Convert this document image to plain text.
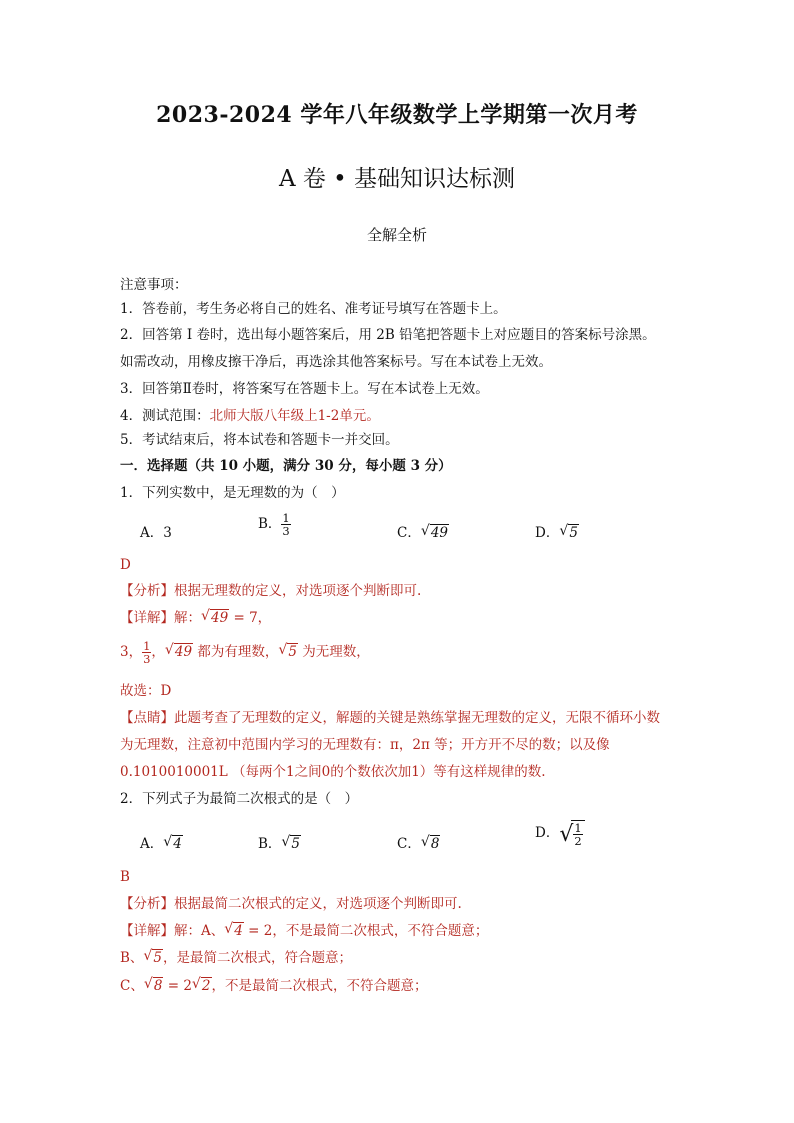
2023-2024 学年八年级数学上学期第一次月考
A 卷 • 基础知识达标测
全解全析
注意事项：
1．答卷前，考生务必将自己的姓名、准考证号填写在答题卡上。
2．回答第 I 卷时，选出每小题答案后，用 2B 铅笔把答题卡上对应题目的答案标号涂黑。
如需改动，用橡皮擦干净后，再选涂其他答案标号。写在本试卷上无效。
3．回答第Ⅱ卷时，将答案写在答题卡上。写在本试卷上无效。
4．测试范围：北师大版八年级上1-2单元。
5．考试结束后，将本试卷和答题卡一并交回。
一．选择题（共 10 小题，满分 30 分，每小题 3 分）
1．下列实数中，是无理数的为（　）
A．3
B． $\frac{1}{3}$	C． √ 49	D． √ 5
D
【分析】根据无理数的定义，对选项逐个判断即可.
【详解】解： √ 49 = 7，
3， $\frac{1}{3}$ ， √ 49 都为有理数， √ 5 为无理数，
故选：D
【点睛】此题考查了无理数的定义，解题的关键是熟练掌握无理数的定义，无限不循环小数
为无理数，注意初中范围内学习的无理数有：π，2π 等；开方开不尽的数；以及像
0.1010010001L （每两个1之间0的个数依次加1）等有这样规律的数.
2．下列式子为最简二次根式的是（　）
A． √ 4	B． √ 5	C． √ 8
D． √ $\frac{1}{2}$
B
【分析】根据最简二次根式的定义，对选项逐个判断即可.
【详解】解：A、 √ 4 = 2，不是最简二次根式，不符合题意；
B、 √ 5，是最简二次根式，符合题意；
C、 √ 8 = 2 √ 2，不是最简二次根式，不符合题意；
